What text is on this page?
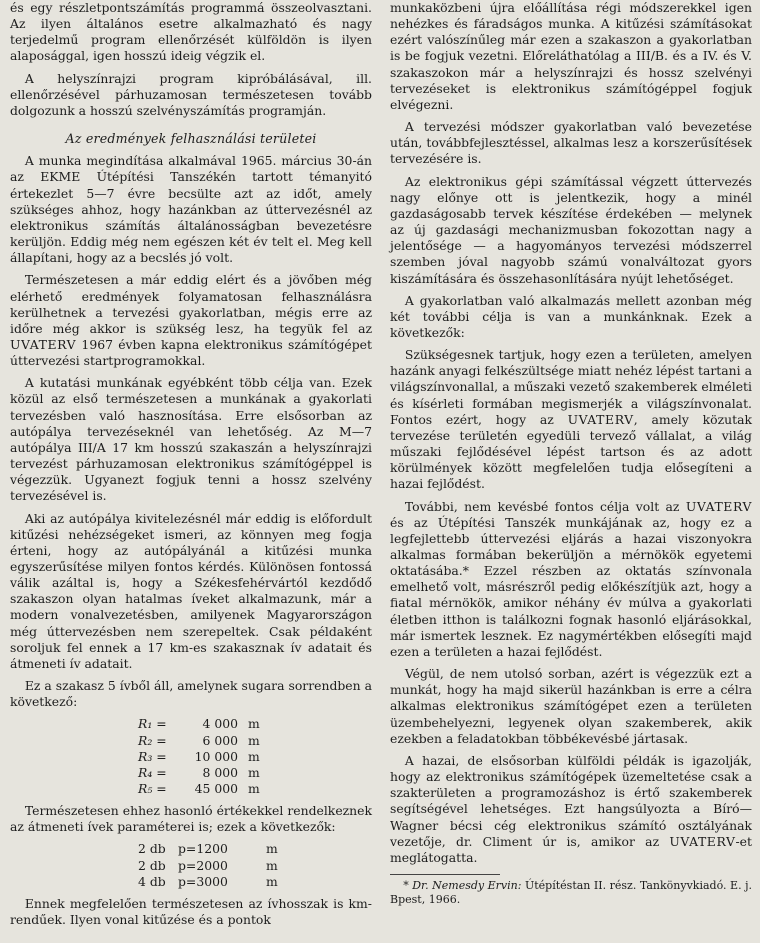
és egy részletpontszámítás programmá összeolvasztani. Az ilyen általános esetre alkalmazható és nagy terjedelmű program ellenőrzését külföldön is ilyen alaposággal, igen hosszú ideig végzik el.

A helyszínrajzi program kipróbálásával, ill. ellenőrzésével párhuzamosan természetesen tovább dolgozunk a hosszú szelvényszámítás programján.

Az eredmények felhasználási területei

A munka megindítása alkalmával 1965. március 30-án az EKME Útépítési Tanszékén tartott témanyitó értekezlet 5—7 évre becsülte azt az időt, amely szükséges ahhoz, hogy hazánkban az úttervezésnél az elektronikus számítás általánosságban bevezetésre kerüljön. Eddig még nem egészen két év telt el. Meg kell állapítani, hogy az a becslés jó volt.

Természetesen a már eddig elért és a jövőben még elérhető eredmények folyamatosan felhasználásra kerülhetnek a tervezési gyakorlatban, mégis erre az időre még akkor is szükség lesz, ha tegyük fel az UVATERV 1967 évben kapna elektronikus számítógépet úttervezési startprogramokkal.

A kutatási munkának egyébként több célja van. Ezek közül az első természetesen a munkának a gyakorlati tervezésben való hasznosítása. Erre elsősorban az autópálya tervezéseknél van lehetőség. Az M—7 autópálya III/A 17 km hosszú szakaszán a helyszínrajzi tervezést párhuzamosan elektronikus számítógéppel is végezzük. Ugyanezt fogjuk tenni a hossz szelvény tervezésével is.

Aki az autópálya kivitelezésnél már eddig is előfordult kitűzési nehézségeket ismeri, az könnyen meg fogja érteni, hogy az autópályánál a kitűzési munka egyszerűsítése milyen fontos kérdés. Különösen fontossá válik azáltal is, hogy a Székesfehérvártól kezdődő szakaszon olyan hatalmas íveket alkalmazunk, már a modern vonalvezetésben, amilyenek Magyarországon még úttervezésben nem szerepeltek. Csak példaként soroljuk fel ennek a 17 km-es szakasznak ív adatait és átmeneti ív adatait.

Ez a szakasz 5 ívből áll, amelynek sugara sorrendben a következő:

R₁ =	4 000 m
R₂ =	6 000 m
R₃ =	10 000 m
R₄ =	8 000 m
R₅ =	45 000 m

Természetesen ehhez hasonló értékekkel rendelkeznek az átmeneti ívek paraméterei is; ezek a következők:

2 db p=1200	m
2 db p=2000	m
4 db p=3000	m

Ennek megfelelően természetesen az ívhosszak is km-rendűek. Ilyen vonal kitűzése és a pontok

munkaközbeni újra előállítása régi módszerekkel igen nehézkes és fáradságos munka. A kitűzési számításokat ezért valószínűleg már ezen a szakaszon a gyakorlatban is be fogjuk vezetni. Előreláthatólag a III/B. és a IV. és V. szakaszokon már a helyszínrajzi és hossz szelvényi tervezéseket is elektronikus számítógéppel fogjuk elvégezni.

A tervezési módszer gyakorlatban való bevezetése után, továbbfejlesztéssel, alkalmas lesz a korszerűsítések tervezésére is.

Az elektronikus gépi számítással végzett úttervezés nagy előnye ott is jelentkezik, hogy a minél gazdaságosabb tervek készítése érdekében — melynek az új gazdasági mechanizmusban fokozottan nagy a jelentősége — a hagyományos tervezési módszerrel szemben jóval nagyobb számú vonalváltozat gyors kiszámítására és összehasonlítására nyújt lehetőséget.

A gyakorlatban való alkalmazás mellett azonban még két további célja is van a munkánknak. Ezek a következők:

Szükségesnek tartjuk, hogy ezen a területen, amelyen hazánk anyagi felkészültsége miatt nehéz lépést tartani a világszínvonallal, a műszaki vezető szakemberek elméleti és kísérleti formában megismerjék a világszínvonalat. Fontos ezért, hogy az UVATERV, amely közutak tervezése területén egyedüli tervező vállalat, a világ műszaki fejlődésével lépést tartson és az adott körülmények között megfelelően tudja elősegíteni a hazai fejlődést.

További, nem kevésbé fontos célja volt az UVATERV és az Útépítési Tanszék munkájának az, hogy ez a legfejlettebb úttervezési eljárás a hazai viszonyokra alkalmas formában bekerüljön a mérnökök egyetemi oktatásába.* Ezzel részben az oktatás színvonala emelhető volt, másrészről pedig előkészítjük azt, hogy a fiatal mérnökök, amikor néhány év múlva a gyakorlati életben itthon is találkozni fognak hasonló eljárásokkal, már ismertek lesznek. Ez nagymértékben elősegíti majd ezen a területen a hazai fejlődést.

Végül, de nem utolsó sorban, azért is végezzük ezt a munkát, hogy ha majd sikerül hazánkban is erre a célra alkalmas elektronikus számítógépet ezen a területen üzembehelyezni, legyenek olyan szakemberek, akik ezekben a feladatokban többékevésbé jártasak.

A hazai, de elsősorban külföldi példák is igazolják, hogy az elektronikus számítógépek üzemeltetése csak a szakterületen a programozáshoz is értő szakemberek segítségével lehetséges. Ezt hangsúlyozta a Bíró—Wagner bécsi cég elektronikus számító osztályának vezetője, dr. Climent úr is, amikor az UVATERV-et meglátogatta.

* Dr. Nemesdy Ervin: Útépítéstan II. rész. Tankönyvkiadó. E. j. Bpest, 1966.
